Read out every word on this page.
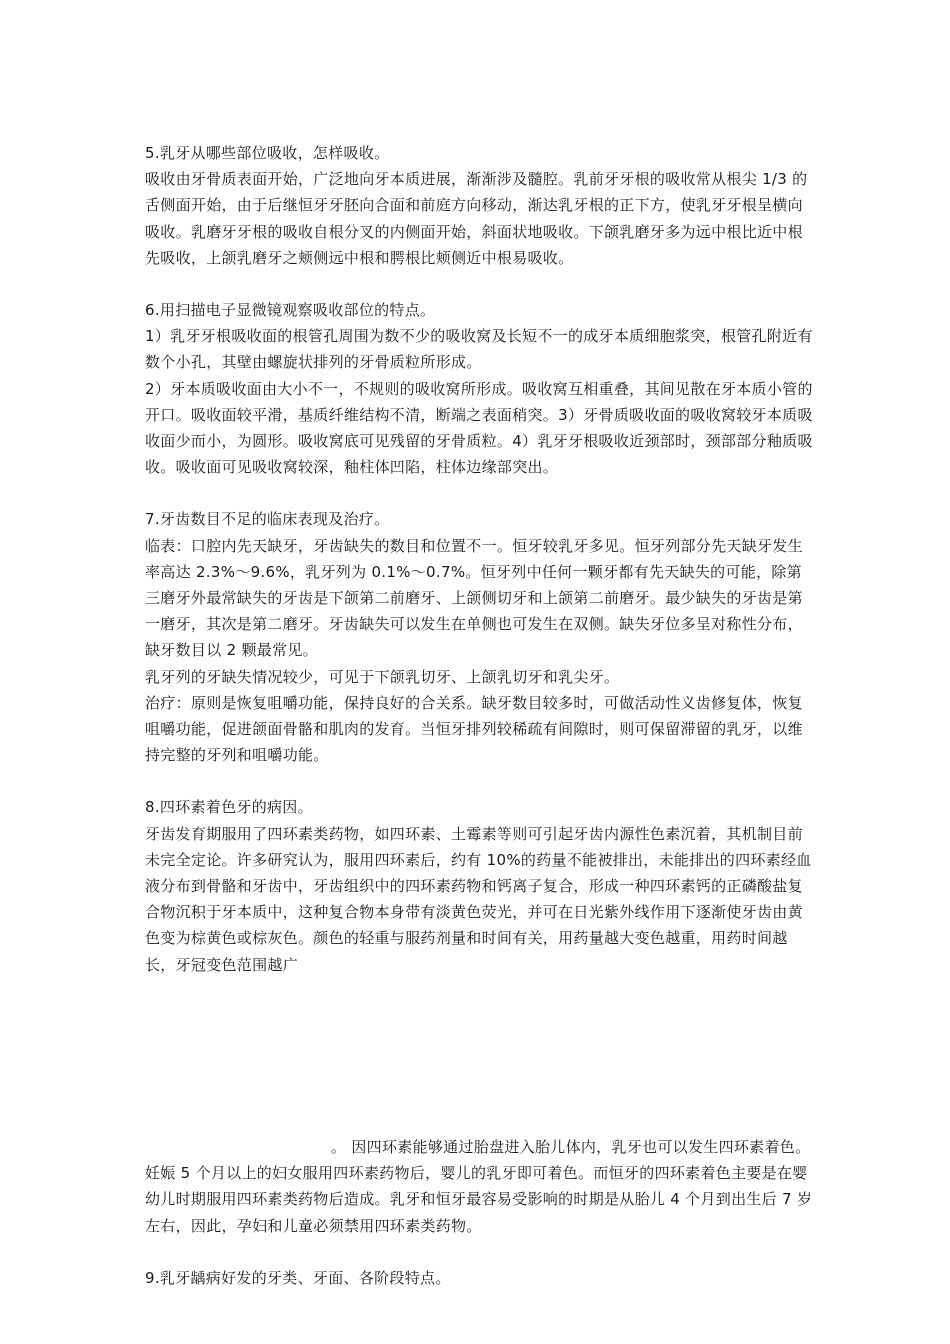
5.乳牙从哪些部位吸收，怎样吸收。

吸收由牙骨质表面开始，广泛地向牙本质进展，渐渐涉及髓腔。乳前牙牙根的吸收常从根尖 1/3 的舌侧面开始，由于后继恒牙牙胚向合面和前庭方向移动，渐达乳牙根的正下方，使乳牙牙根呈横向吸收。乳磨牙牙根的吸收自根分叉的内侧面开始，斜面状地吸收。下颌乳磨牙多为远中根比近中根先吸收，上颌乳磨牙之颊侧远中根和腭根比颊侧近中根易吸收。

6.用扫描电子显微镜观察吸收部位的特点。

1）乳牙牙根吸收面的根管孔周围为数不少的吸收窝及长短不一的成牙本质细胞浆突，根管孔附近有数个小孔，其壁由螺旋状排列的牙骨质粒所形成。

2）牙本质吸收面由大小不一，不规则的吸收窝所形成。吸收窝互相重叠，其间见散在牙本质小管的开口。吸收面较平滑，基质纤维结构不清，断端之表面稍突。3）牙骨质吸收面的吸收窝较牙本质吸收面少而小，为圆形。吸收窝底可见残留的牙骨质粒。4）乳牙牙根吸收近颈部时，颈部部分釉质吸收。吸收面可见吸收窝较深，釉柱体凹陷，柱体边缘部突出。

7.牙齿数目不足的临床表现及治疗。

临表：口腔内先天缺牙，牙齿缺失的数目和位置不一。恒牙较乳牙多见。恒牙列部分先天缺牙发生率高达 2.3%～9.6%，乳牙列为 0.1%～0.7%。恒牙列中任何一颗牙都有先天缺失的可能，除第三磨牙外最常缺失的牙齿是下颌第二前磨牙、上颌侧切牙和上颌第二前磨牙。最少缺失的牙齿是第一磨牙，其次是第二磨牙。牙齿缺失可以发生在单侧也可发生在双侧。缺失牙位多呈对称性分布，缺牙数目以 2 颗最常见。

乳牙列的牙缺失情况较少，可见于下颌乳切牙、上颌乳切牙和乳尖牙。

治疗：原则是恢复咀嚼功能，保持良好的合关系。缺牙数目较多时，可做活动性义齿修复体，恢复咀嚼功能，促进颌面骨骼和肌肉的发育。当恒牙排列较稀疏有间隙时，则可保留滞留的乳牙，以维持完整的牙列和咀嚼功能。

8.四环素着色牙的病因。

牙齿发育期服用了四环素类药物，如四环素、土霉素等则可引起牙齿内源性色素沉着，其机制目前未完全定论。许多研究认为，服用四环素后，约有 10%的药量不能被排出，未能排出的四环素经血液分布到骨骼和牙齿中，牙齿组织中的四环素药物和钙离子复合，形成一种四环素钙的正磷酸盐复合物沉积于牙本质中，这种复合物本身带有淡黄色荧光，并可在日光紫外线作用下逐渐使牙齿由黄色变为棕黄色或棕灰色。颜色的轻重与服药剂量和时间有关，用药量越大变色越重，用药时间越长，牙冠变色范围越广

。 因四环素能够通过胎盘进入胎儿体内，乳牙也可以发生四环素着色。妊娠 5 个月以上的妇女服用四环素药物后，婴儿的乳牙即可着色。而恒牙的四环素着色主要是在婴幼儿时期服用四环素类药物后造成。乳牙和恒牙最容易受影响的时期是从胎儿 4 个月到出生后 7 岁左右，因此，孕妇和儿童必须禁用四环素类药物。

9.乳牙龋病好发的牙类、牙面、各阶段特点。
